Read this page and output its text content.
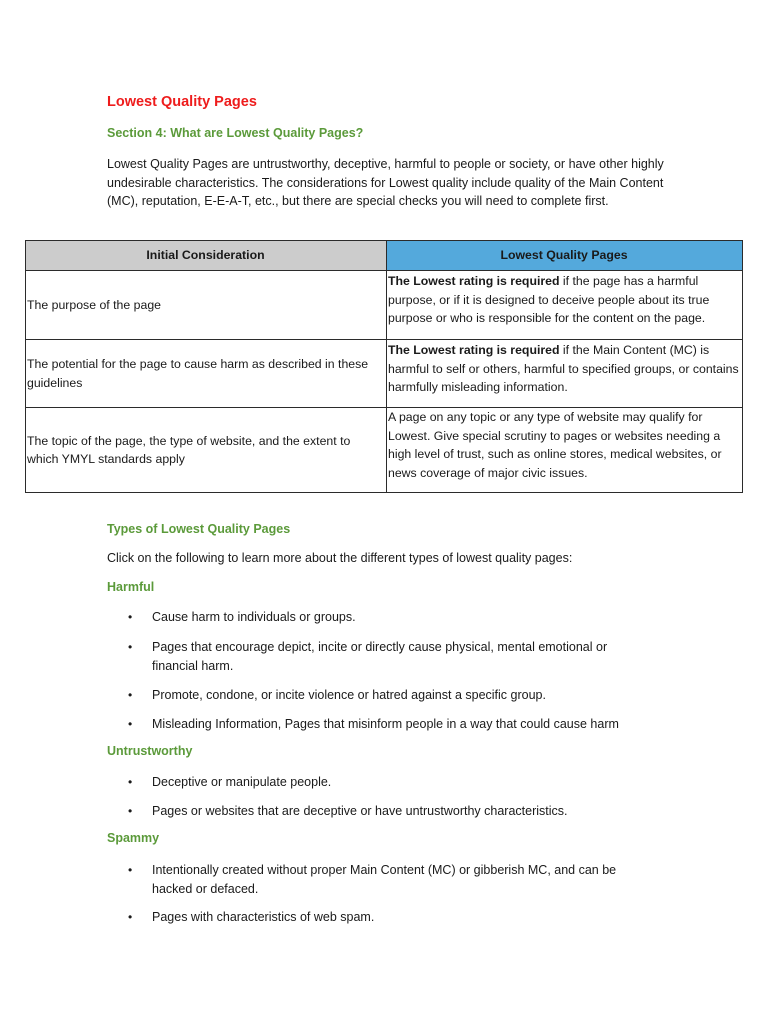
Lowest Quality Pages
Section 4: What are Lowest Quality Pages?

Lowest Quality Pages are untrustworthy, deceptive, harmful to people or society, or have other highly undesirable characteristics. The considerations for Lowest quality include quality of the Main Content (MC), reputation, E-E-A-T, etc., but there are special checks you will need to complete first.

Initial Consideration	Lowest Quality Pages
The purpose of the page	The Lowest rating is required if the page has a harmful purpose, or if it is designed to deceive people about its true purpose or who is responsible for the content on the page.
The potential for the page to cause harm as described in these guidelines	The Lowest rating is required if the Main Content (MC) is harmful to self or others, harmful to specified groups, or contains harmfully misleading information.
The topic of the page, the type of website, and the extent to which YMYL standards apply	A page on any topic or any type of website may qualify for Lowest. Give special scrutiny to pages or websites needing a high level of trust, such as online stores, medical websites, or news coverage of major civic issues.
Types of Lowest Quality Pages

Click on the following to learn more about the different types of lowest quality pages:

Harmful
•	Cause harm to individuals or groups.
•	Pages that encourage depict, incite or directly cause physical, mental emotional or financial harm.
•	Promote, condone, or incite violence or hatred against a specific group.
•	Misleading Information, Pages that misinform people in a way that could cause harm
Untrustworthy
•	Deceptive or manipulate people.
•	Pages or websites that are deceptive or have untrustworthy characteristics.
Spammy
•	Intentionally created without proper Main Content (MC) or gibberish MC, and can be hacked or defaced.
•	Pages with characteristics of web spam.
